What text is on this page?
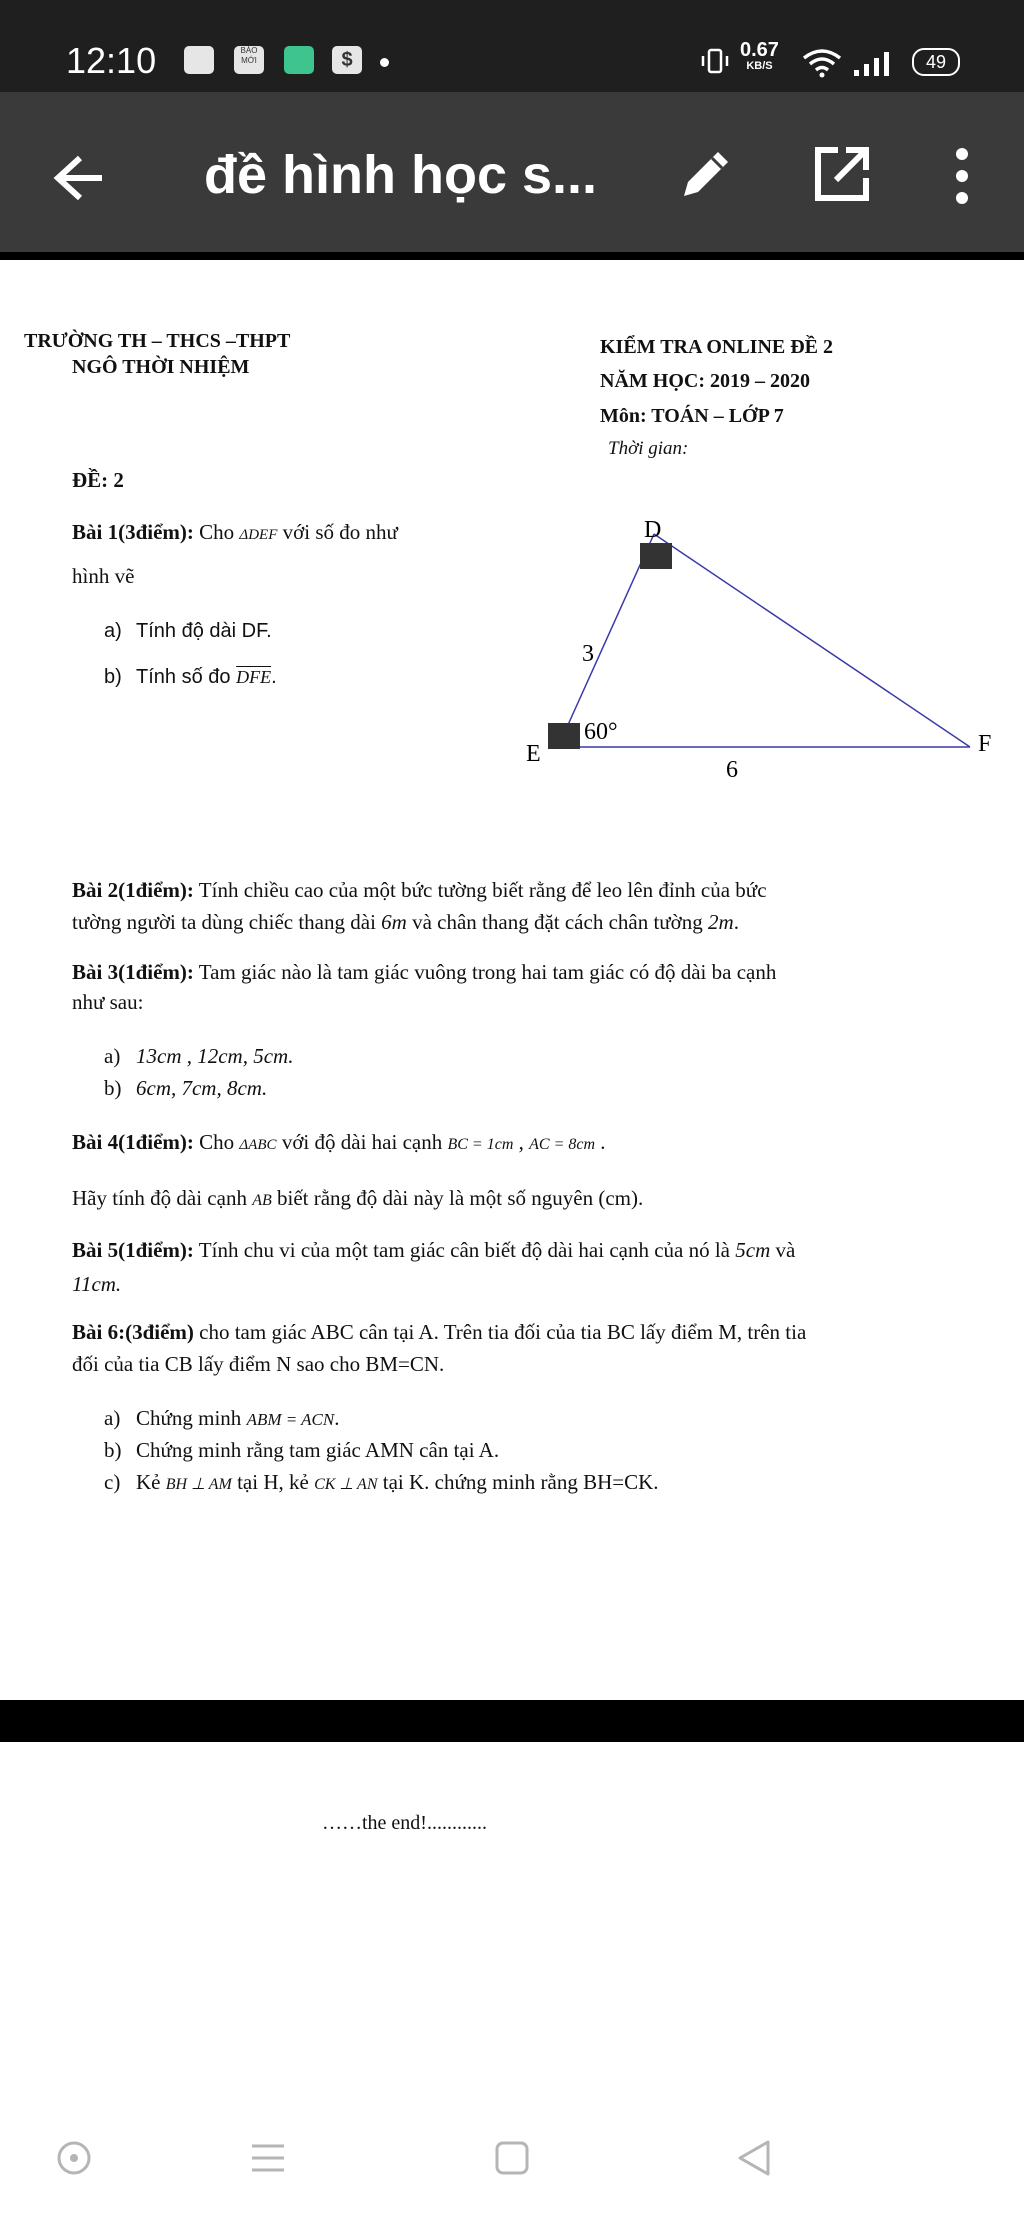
12:10	BÁO MỚI	$	0.67
KB/S	49
đề hình học s...
TRƯỜNG TH – THCS –THPT
NGÔ THỜI NHIỆM
KIỂM TRA ONLINE ĐỀ 2
NĂM HỌC: 2019 – 2020
Môn: TOÁN – LỚP 7
Thời gian:
ĐỀ: 2
Bài 1(3điểm): Cho ΔDEF với số đo như
hình vẽ
a) Tính độ dài DF.
b) Tính số đo $\overline{DFE}$.
D
E	F
3
6
60°
Bài 2(1điểm): Tính chiều cao của một bức tường biết rằng để leo lên đỉnh của bức
tường người ta dùng chiếc thang dài 6m và chân thang đặt cách chân tường 2m.
Bài 3(1điểm): Tam giác nào là tam giác vuông trong hai tam giác có độ dài ba cạnh
như sau:
a) 13cm , 12cm, 5cm.
b) 6cm, 7cm, 8cm.
Bài 4(1điểm): Cho ΔABC với độ dài hai cạnh BC = 1cm , AC = 8cm .
Hãy tính độ dài cạnh AB biết rằng độ dài này là một số nguyên (cm).
Bài 5(1điểm): Tính chu vi của một tam giác cân biết độ dài hai cạnh của nó là 5cm và
11cm.
Bài 6:(3điểm) cho tam giác ABC cân tại A. Trên tia đối của tia BC lấy điểm M, trên tia
đối của tia CB lấy điểm N sao cho BM=CN.
a) Chứng minh ABM = ACN.
b) Chứng minh rằng tam giác AMN cân tại A.
c) Kẻ BH ⊥ AM tại H, kẻ CK ⊥ AN tại K. chứng minh rằng BH=CK.
……the end!............
